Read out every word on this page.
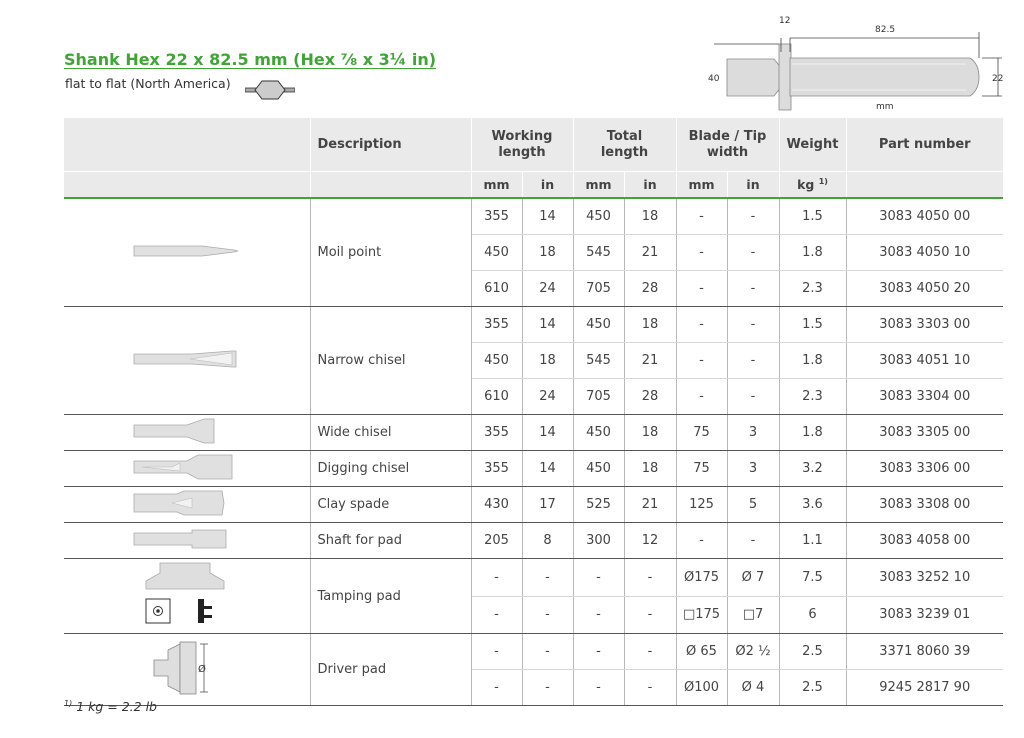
Shank Hex 22 x 82.5 mm (Hex ⅞ x 3¼ in)
flat to flat (North America)
12
82.5
40	22
mm
	Description	Working length		Total length		Blade / Tip width		Weight	Part number
		mm	in	mm	in	mm	in	kg $^{1)}$	
	Moil point	355	14	450	18	-	-	1.5	3083 4050 00
		450	18	545	21	-	-	1.8	3083 4050 10
		610	24	705	28	-	-	2.3	3083 4050 20
	Narrow chisel	355	14	450	18	-	-	1.5	3083 3303 00
		450	18	545	21	-	-	1.8	3083 4051 10
		610	24	705	28	-	-	2.3	3083 3304 00
	Wide chisel	355	14	450	18	75	3	1.8	3083 3305 00
	Digging chisel	355	14	450	18	75	3	3.2	3083 3306 00
	Clay spade	430	17	525	21	125	5	3.6	3083 3308 00
	Shaft for pad	205	8	300	12	-	-	1.1	3083 4058 00
	Tamping pad	-	-	-	-	Ø175	Ø 7	7.5	3083 3252 10
		-	-	-	-	□175	□7	6	3083 3239 01

Ø	Driver pad	-	-	-	-	Ø 65	Ø2 ½	2.5	3371 8060 39
		-	-	-	-	Ø100	Ø 4	2.5	9245 2817 90
$^{1)}$ 1 kg = 2.2 lb
